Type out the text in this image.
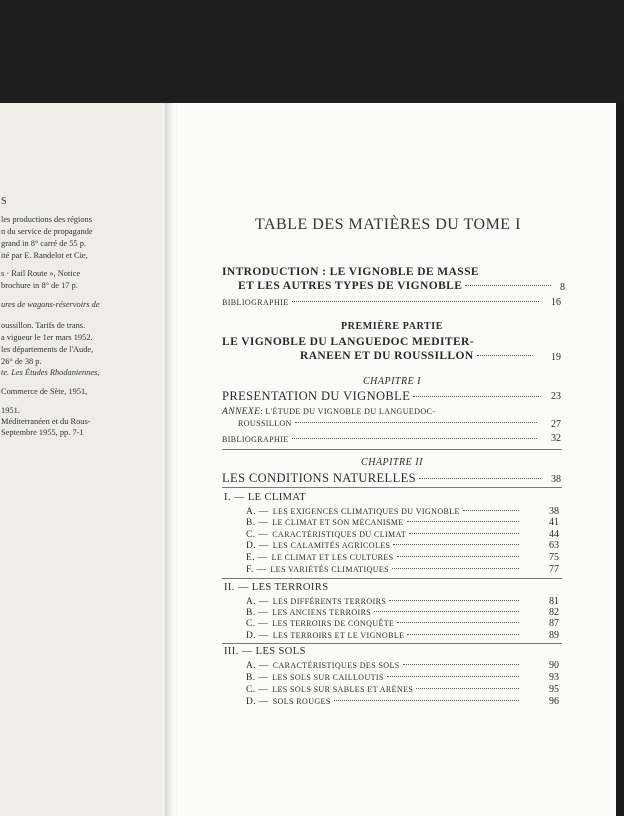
S
les productions des régions
n du service de propagande
grand in 8° carré de 55 p.
ité par E. Randelot et Cie,
s · Rail Route », Notice
brochure in 8° de 17 p.
ures de wagons-réservoirs de
oussillon. Tarifs de trans.
a vigueur le 1er mars 1952.
les départements de l'Aude,
26° de 38 p.
te. Les Études Rhodaniennes,
Commerce de Sète, 1951,
1951.
Méditerranéen et du Rous-
Septembre 1955, pp. 7-1
TABLE DES MATIÈRES DU TOME I
INTRODUCTION : LE VIGNOBLE DE MASSE
ET LES AUTRES TYPES DE VIGNOBLE	8
BIBLIOGRAPHIE	16
PREMIÈRE PARTIE
LE VIGNOBLE DU LANGUEDOC MEDITER-
RANEEN ET DU ROUSSILLON	19
CHAPITRE I
PRESENTATION DU VIGNOBLE	23
ANNEXE : L'ÉTUDE DU VIGNOBLE DU LANGUEDOC-
ROUSSILLON	27
BIBLIOGRAPHIE	32
CHAPITRE II
LES CONDITIONS NATURELLES	38
I. — LE CLIMAT
II. — LES TERROIRS
III. — LES SOLS
A. — LES EXIGENCES CLIMATIQUES DU VIGNOBLE	38
B. — LE CLIMAT ET SON MÉCANISME	41
C. — CARACTÉRISTIQUES DU CLIMAT	44
D. — LES CALAMITÉS AGRICOLES	63
E. — LE CLIMAT ET LES CULTURES	75
F. — LES VARIÉTÉS CLIMATIQUES	77
A. — LES DIFFÉRENTS TERROIRS	81
B. — LES ANCIENS TERROIRS	82
C. — LES TERROIRS DE CONQUÊTE	87
D. — LES TERROIRS ET LE VIGNOBLE	89
A. — CARACTÉRISTIQUES DES SOLS	90
B. — LES SOLS SUR CAILLOUTIS	93
C. — LES SOLS SUR SABLES ET ARÈNES	95
D. — SOLS ROUGES	96
